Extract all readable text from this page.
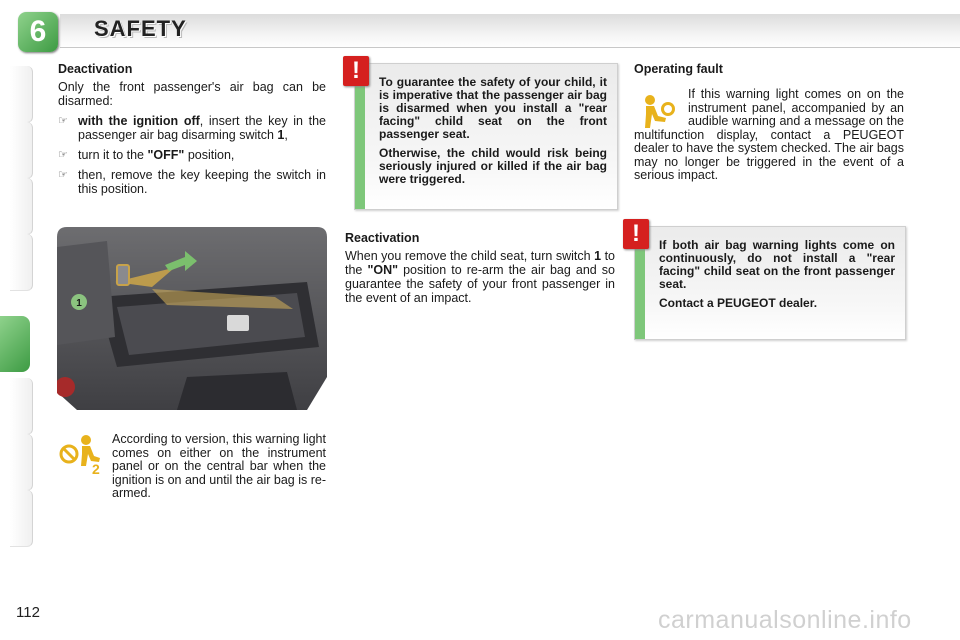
6	SAFETY
Deactivation

Only the front passenger's air bag can be disarmed:

☞ with the ignition off, insert the key in the passenger air bag disarming switch 1,
☞ turn it to the "OFF" position,
☞ then, remove the key keeping the switch in this position.
!	To guarantee the safety of your child, it is imperative that the passenger air bag is disarmed when you install a "rear facing" child seat on the front passenger seat.

Otherwise, the child would risk being seriously injured or killed if the air bag were triggered.

Operating fault

If this warning light comes on on the instrument panel, accompanied by an audible warning and a message on the multifunction display, contact a PEUGEOT dealer to have the system checked. The air bags may no longer be triggered in the event of a serious impact.

Reactivation

When you remove the child seat, turn switch 1 to the "ON" position to re-arm the air bag and so guarantee the safety of your front passenger in the event of an impact.

!	If both air bag warning lights come on continuously, do not install a "rear facing" child seat on the front passenger seat.

Contact a PEUGEOT dealer.

1
2

According to version, this warning light comes on either on the instrument panel or on the central bar when the ignition is on and until the air bag is re-armed.

112	carmanualsonline.info
